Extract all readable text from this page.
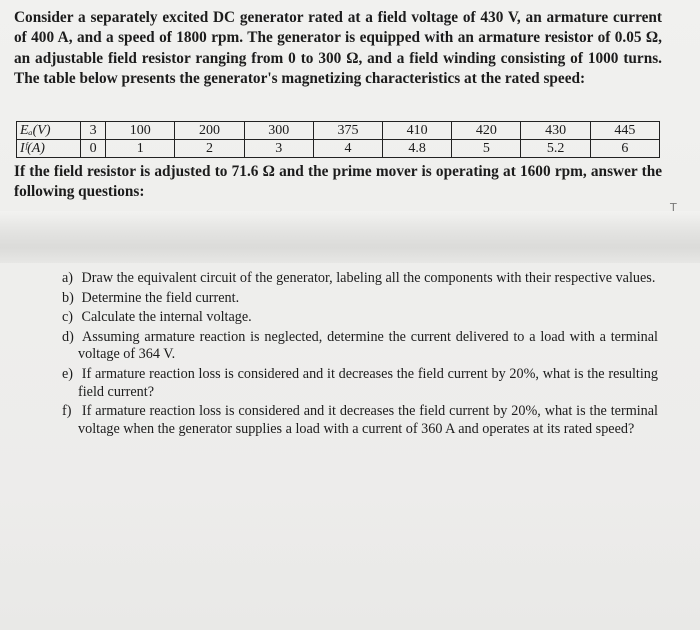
Consider a separately excited DC generator rated at a field voltage of 430 V, an armature current of 400 A, and a speed of 1800 rpm. The generator is equipped with an armature resistor of 0.05 Ω, an adjustable field resistor ranging from 0 to 300 Ω, and a field winding consisting of 1000 turns. The table below presents the generator's magnetizing characteristics at the rated speed:

Eₐ(V)	3	100	200	300	375	410	420	430	445
Iᶠ(A)	0	1	2	3	4	4.8	5	5.2	6

If the field resistor is adjusted to 71.6 Ω and the prime mover is operating at 1600 rpm, answer the following questions:

T
a) Draw the equivalent circuit of the generator, labeling all the components with their respective values.
b) Determine the field current.
c) Calculate the internal voltage.
d) Assuming armature reaction is neglected, determine the current delivered to a load with a terminal voltage of 364 V.
e) If armature reaction loss is considered and it decreases the field current by 20%, what is the resulting field current?
f) If armature reaction loss is considered and it decreases the field current by 20%, what is the terminal voltage when the generator supplies a load with a current of 360 A and operates at its rated speed?
